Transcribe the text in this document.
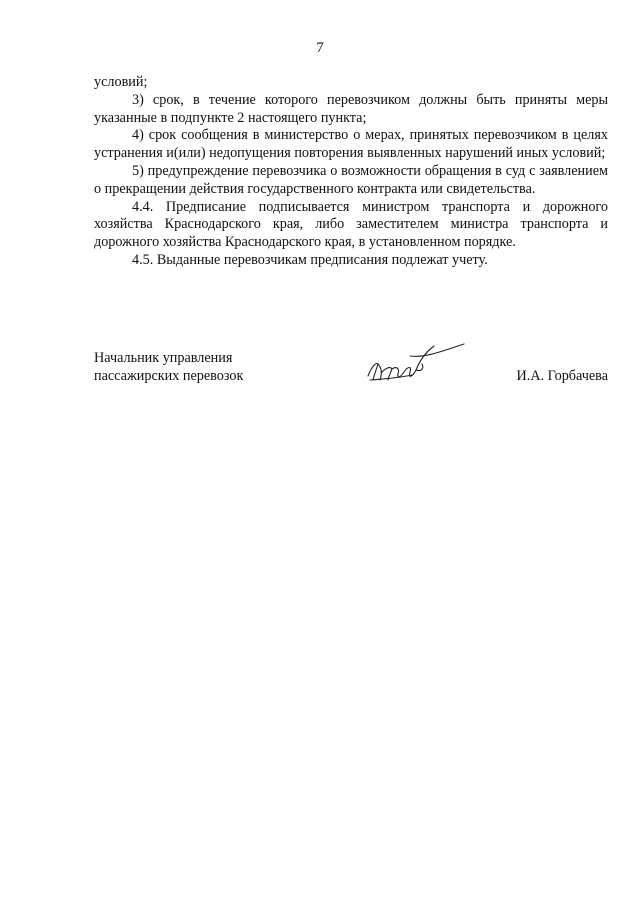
7

условий;

3) срок, в течение которого перевозчиком должны быть приняты меры указанные в подпункте 2 настоящего пункта;

4) срок сообщения в министерство о мерах, принятых перевозчиком в целях устранения и(или) недопущения повторения выявленных нарушений иных условий;

5) предупреждение перевозчика о возможности обращения в суд с заявлением о прекращении действия государственного контракта или свидетельства.

4.4. Предписание подписывается министром транспорта и дорожного хозяйства Краснодарского края, либо заместителем министра транспорта и дорожного хозяйства Краснодарского края, в установленном порядке.

4.5. Выданные перевозчикам предписания подлежат учету.

Начальник управления
пассажирских перевозок	И.А. Горбачева
